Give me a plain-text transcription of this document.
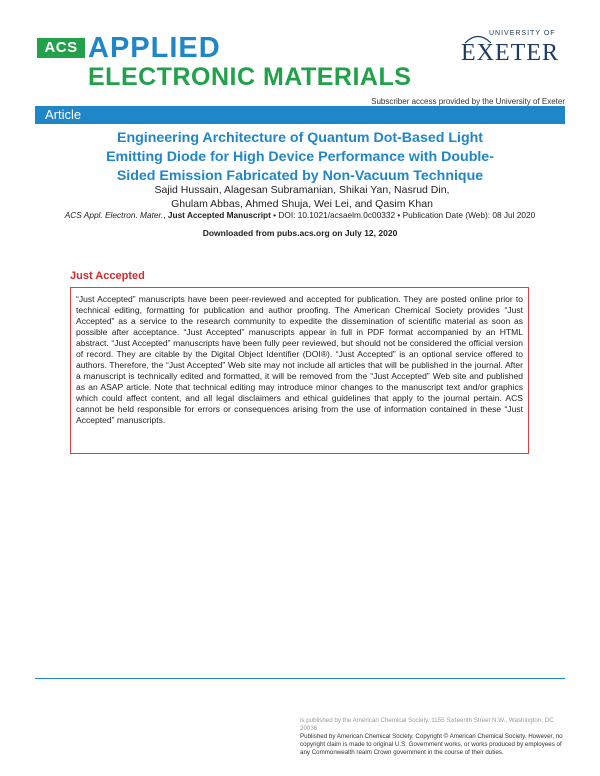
ACS APPLIED
ELECTRONIC MATERIALS
UNIVERSITY OF
EXETER
Subscriber access provided by the University of Exeter
Article
Engineering Architecture of Quantum Dot-Based Light Emitting Diode for High Device Performance with Double-Sided Emission Fabricated by Non-Vacuum Technique
Sajid Hussain, Alagesan Subramanian, Shikai Yan, Nasrud Din, Ghulam Abbas, Ahmed Shuja, Wei Lei, and Qasim Khan
ACS Appl. Electron. Mater., Just Accepted Manuscript • DOI: 10.1021/acsaelm.0c00332 • Publication Date (Web): 08 Jul 2020
Downloaded from pubs.acs.org on July 12, 2020
Just Accepted

“Just Accepted” manuscripts have been peer-reviewed and accepted for publication. They are posted online prior to technical editing, formatting for publication and author proofing. The American Chemical Society provides “Just Accepted” as a service to the research community to expedite the dissemination of scientific material as soon as possible after acceptance. “Just Accepted” manuscripts appear in full in PDF format accompanied by an HTML abstract. “Just Accepted” manuscripts have been fully peer reviewed, but should not be considered the official version of record. They are citable by the Digital Object Identifier (DOI®). “Just Accepted” is an optional service offered to authors. Therefore, the “Just Accepted” Web site may not include all articles that will be published in the journal. After a manuscript is technically edited and formatted, it will be removed from the “Just Accepted” Web site and published as an ASAP article. Note that technical editing may introduce minor changes to the manuscript text and/or graphics which could affect content, and all legal disclaimers and ethical guidelines that apply to the journal pertain. ACS cannot be held responsible for errors or consequences arising from the use of information contained in these “Just Accepted” manuscripts.

is published by the American Chemical Society. 1155 Sixteenth Street N.W., Washington, DC 20036
Published by American Chemical Society. Copyright © American Chemical Society. However, no copyright claim is made to original U.S. Government works, or works produced by employees of any Commonwealth realm Crown government in the course of their duties.
